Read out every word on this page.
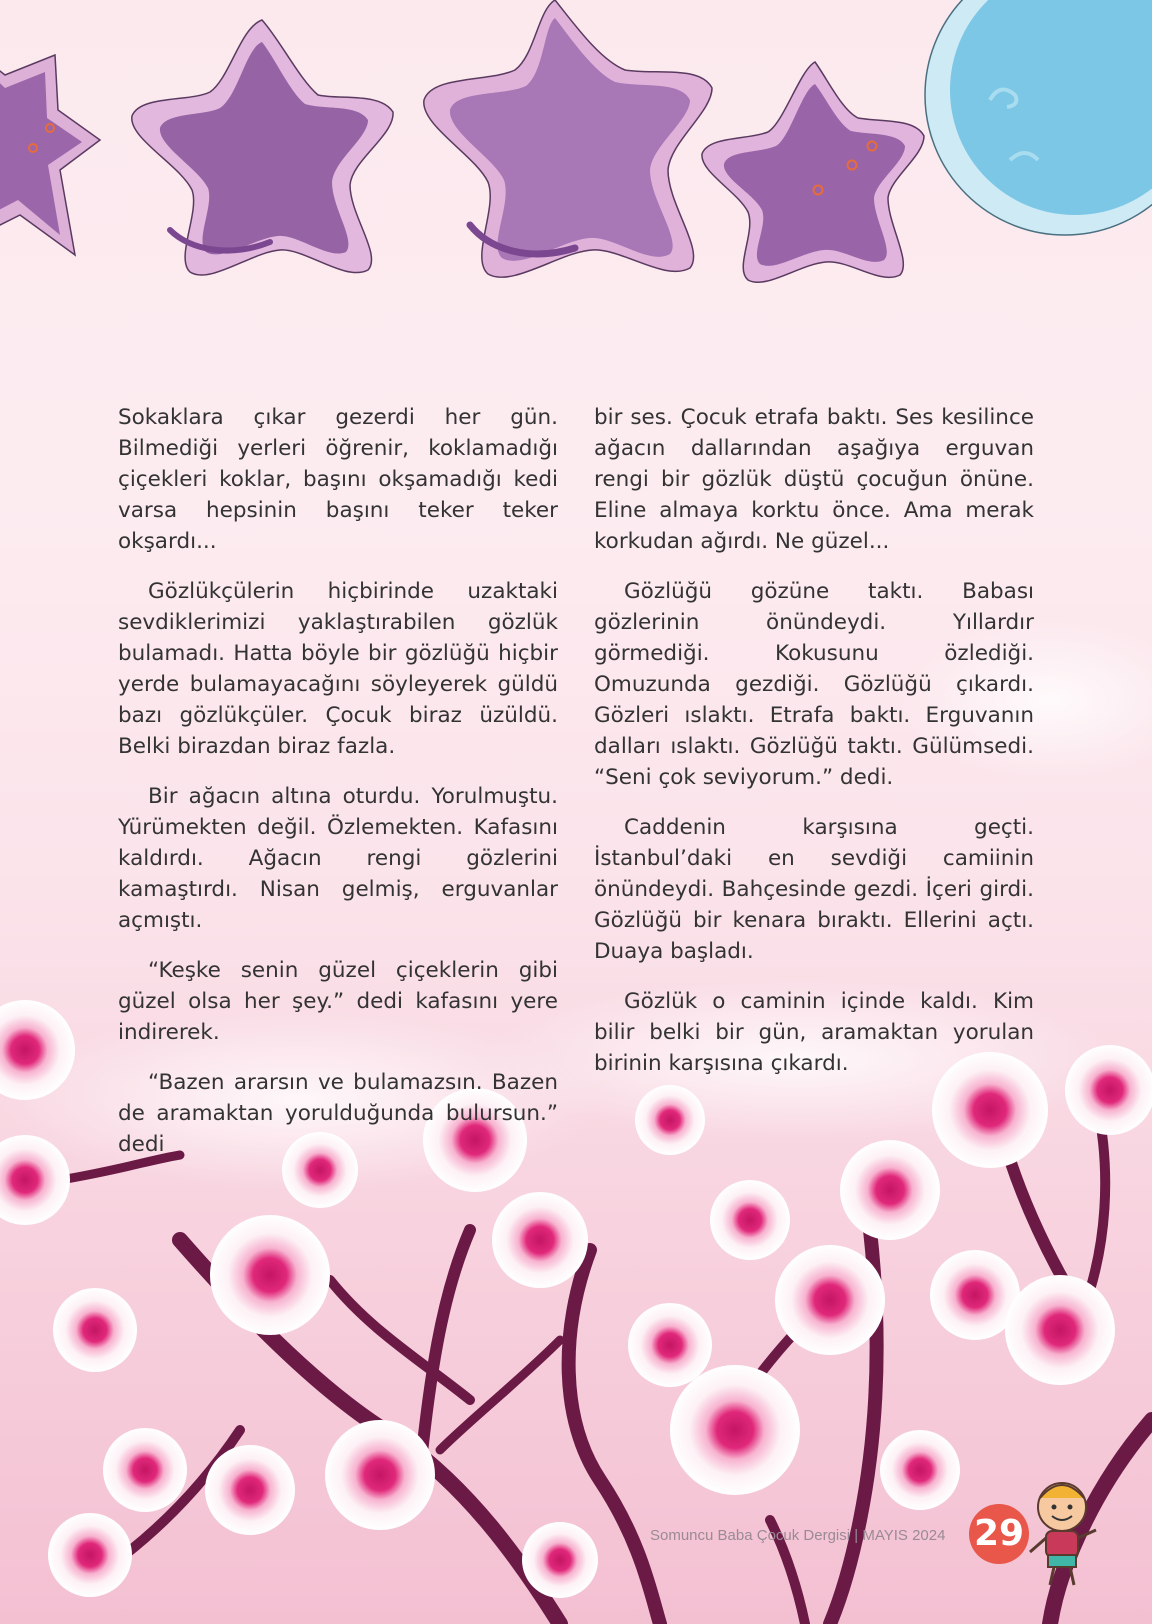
Sokaklara çıkar gezerdi her gün. Bilmediği yerleri öğrenir, koklamadığı çiçekleri koklar, başını okşamadığı kedi varsa hepsinin başını teker teker okşardı...

Gözlükçülerin hiçbirinde uzaktaki sevdiklerimizi yaklaştırabilen gözlük bulamadı. Hatta böyle bir gözlüğü hiçbir yerde bulamayacağını söyleyerek güldü bazı gözlükçüler. Çocuk biraz üzüldü. Belki birazdan biraz fazla.

Bir ağacın altına oturdu. Yorulmuştu. Yürümekten değil. Özlemekten. Kafasını kaldırdı. Ağacın rengi gözlerini kamaştırdı. Nisan gelmiş, erguvanlar açmıştı.

“Keşke senin güzel çiçeklerin gibi güzel olsa her şey.” dedi kafasını yere indirerek.

“Bazen ararsın ve bulamazsın. Bazen de aramaktan yorulduğunda bulursun.” dedi

bir ses. Çocuk etrafa baktı. Ses kesilince ağacın dallarından aşağıya erguvan rengi bir gözlük düştü çocuğun önüne. Eline almaya korktu önce. Ama merak korkudan ağırdı. Ne güzel...

Gözlüğü gözüne taktı. Babası gözlerinin önündeydi. Yıllardır görmediği. Kokusunu özlediği. Omuzunda gezdiği. Gözlüğü çıkardı. Gözleri ıslaktı. Etrafa baktı. Erguvanın dalları ıslaktı. Gözlüğü taktı. Gülümsedi. “Seni çok seviyorum.” dedi.

Caddenin karşısına geçti. İstanbul’daki en sevdiği camiinin önündeydi. Bahçesinde gezdi. İçeri girdi. Gözlüğü bir kenara bıraktı. Ellerini açtı. Duaya başladı.

Gözlük o caminin içinde kaldı. Kim bilir belki bir gün, aramaktan yorulan birinin karşısına çıkardı.

Somuncu Baba Çocuk Dergisi | MAYIS 2024 29
